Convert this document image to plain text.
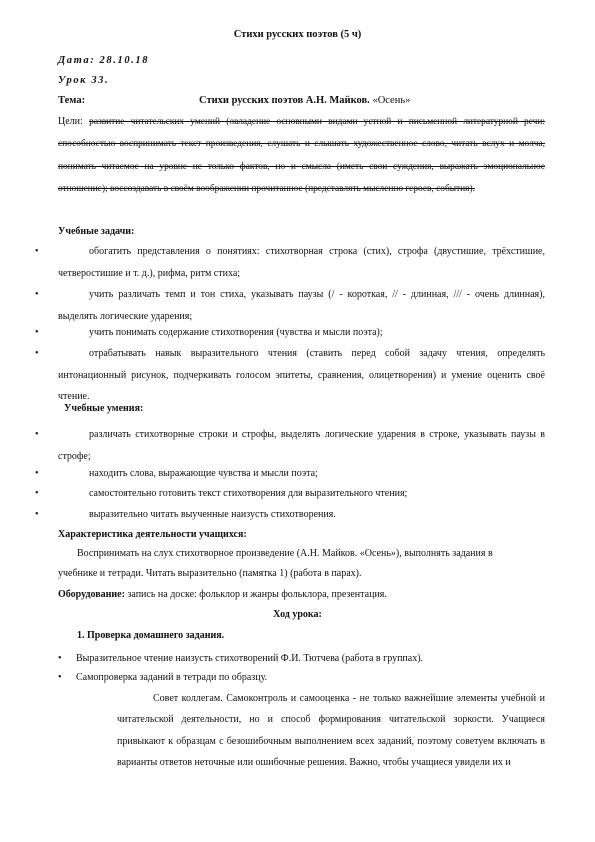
Стихи русских поэтов (5 ч)
Дата: 28.10.18
Урок 33.
Тема:	Стихи русских поэтов А.Н. Майков. «Осень»
Цели: развитие читательских умений (овладение основными видами устной и письменной литературной речи: способностью воспринимать текст произведения, слушать и слышать художественное слово, читать вслух и молча, понимать читаемое на уровне не только фактов, но и смысла (иметь свои суждения, выражать эмоциональное отношение); воссоздавать в своём воображении прочитанное (представлять мысленно героев, события).
Учебные задачи:
•	обогатить представления о понятиях: стихотворная строка (стих), строфа (двустишие, трёхстишие, четверостишие и т. д.), рифма, ритм стиха;
•	учить различать темп и тон стиха, указывать паузы (/ - короткая, // - длинная, /// - очень длинная), выделять логические ударения;
•	учить понимать содержание стихотворения (чувства и мысли поэта);
•	отрабатывать навык выразительного чтения (ставить перед собой задачу чтения, определять интонационный рисунок, подчеркивать голосом эпитеты, сравнения, олицетворения) и умение оценить своё чтение.
Учебные умения:
•	различать стихотворные строки и строфы, выделять логические ударения в строке, указывать паузы в строфе;
•	находить слова, выражающие чувства и мысли поэта;
•	самостоятельно готовить текст стихотворения для выразительного чтения;
•	выразительно читать выученные наизусть стихотворения.
Характеристика деятельности учащихся:
Воспринимать на слух стихотворное произведение (А.Н. Майков. «Осень»), выполнять задания в
учебнике и тетради. Читать выразительно (памятка 1) (работа в парах).
Оборудование: запись на доске: фольклор и жанры фольклора, презентация.
Ход урока:
1. Проверка домашнего задания.
• Выразительное чтение наизусть стихотворений Ф.И. Тютчева (работа в группах).
• Самопроверка заданий в тетради по образцу.
Совет коллегам. Самоконтроль и самооценка - не только важнейшие элементы учебной и читательской деятельности, но и способ формирования читательской зоркости. Учащиеся привыкают к образцам с безошибочным выполнением всех заданий, поэтому советуем включать в варианты ответов неточные или ошибочные решения. Важно, чтобы учащиеся увидели их и
